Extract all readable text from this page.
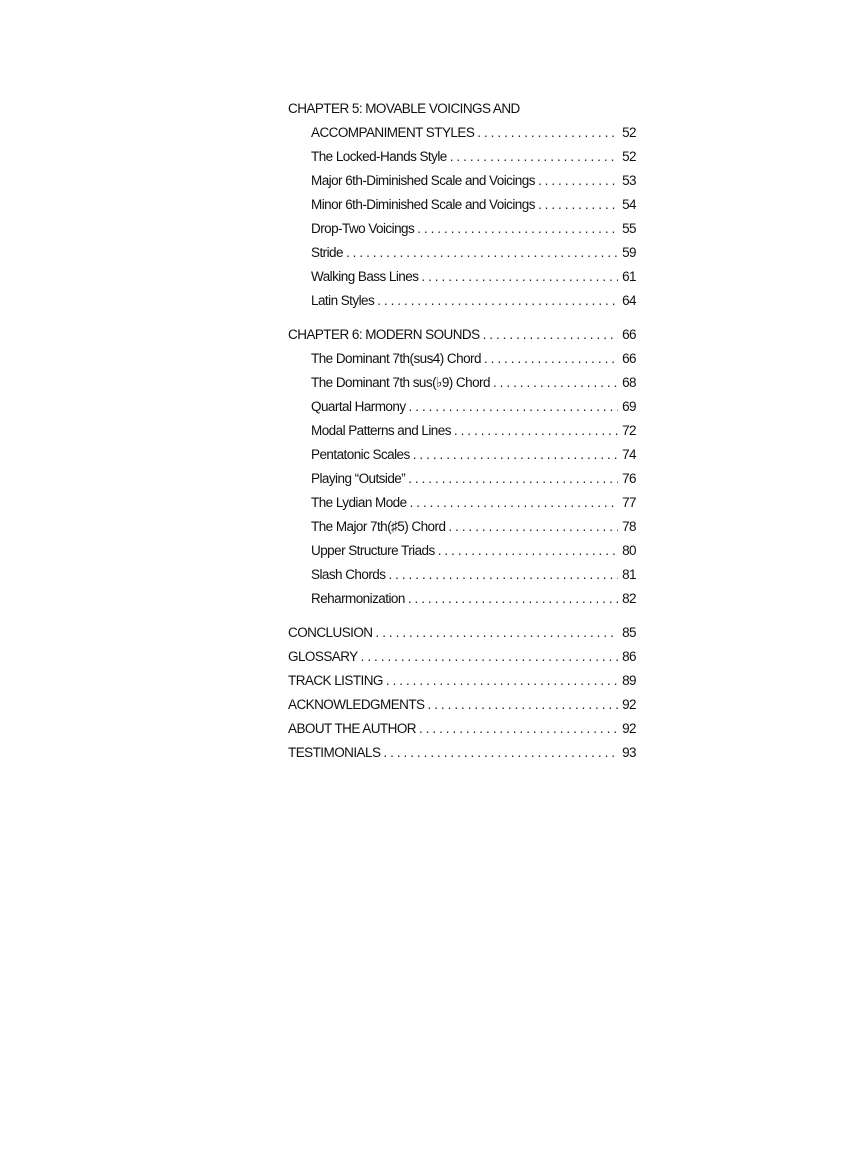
CHAPTER 5: MOVABLE VOICINGS AND
ACCOMPANIMENT STYLES . . .	52
The Locked-Hands Style . . .	52
Major 6th-Diminished Scale and Voicings . . .	53
Minor 6th-Diminished Scale and Voicings . . .	54
Drop-Two Voicings . . .	55
Stride . . .	59
Walking Bass Lines . . .	61
Latin Styles . . .	64
CHAPTER 6: MODERN SOUNDS . . .	66
The Dominant 7th(sus4) Chord . . .	66
The Dominant 7th sus(♭9) Chord . . .	68
Quartal Harmony . . .	69
Modal Patterns and Lines . . .	72
Pentatonic Scales . . .	74
Playing “Outside” . . .	76
The Lydian Mode . . .	77
The Major 7th(♯5) Chord . . .	78
Upper Structure Triads . . .	80
Slash Chords . . .	81
Reharmonization . . .	82
CONCLUSION . . .	85
GLOSSARY . . .	86
TRACK LISTING . . .	89
ACKNOWLEDGMENTS . . .	92
ABOUT THE AUTHOR . . .	92
TESTIMONIALS . . .	93
